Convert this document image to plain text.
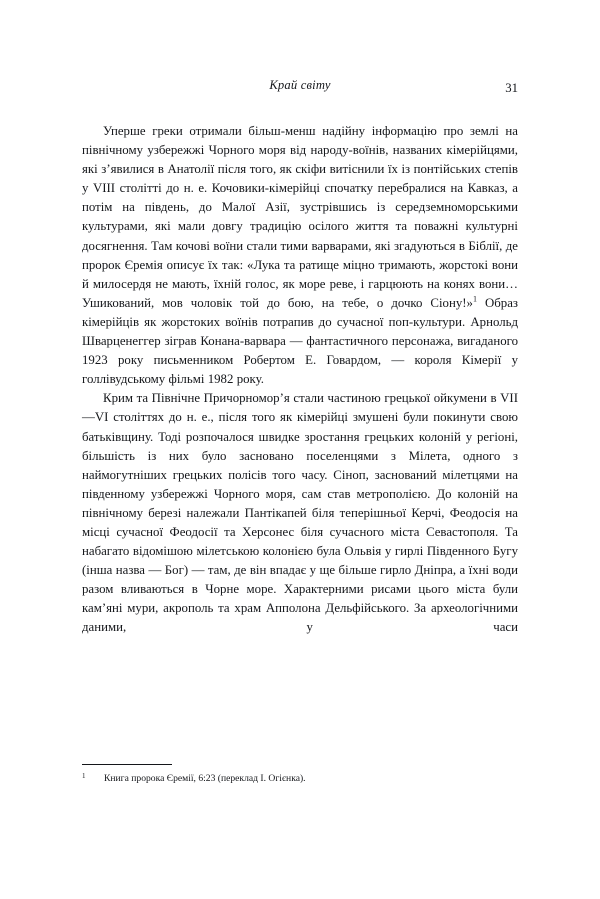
Край світу	31

Уперше греки отримали більш-менш надійну інформацію про землі на північному узбережжі Чорного моря від народу-воїнів, названих кімерійцями, які з’явилися в Анатолії після того, як скіфи витіснили їх із понтійських степів у VIII столітті до н. е. Кочовики-кімерійці спочатку перебралися на Кавказ, а потім на південь, до Малої Азії, зустрівшись із середземноморськими культурами, які мали довгу традицію осілого життя та поважні культурні досягнення. Там кочові воїни стали тими варварами, які згадуються в Біблії, де пророк Єремія описує їх так: «Лука та ратище міцно тримають, жорстокі вони й милосердя не мають, їхній голос, як море реве, і гарцюють на конях вони… Ушикований, мов чоловік той до бою, на тебе, о дочко Сіону!»$^1$ Образ кімерійців як жорстоких воїнів потрапив до сучасної поп-культури. Арнольд Шварценеггер зіграв Конана-варвара — фантастичного персонажа, вигаданого 1923 року письменником Робертом Е. Говардом, — короля Кімерії у голлівудському фільмі 1982 року.

Крим та Північне Причорномор’я стали частиною грецької ойкумени в VII—VI століттях до н. е., після того як кімерійці змушені були покинути свою батьківщину. Тоді розпочалося швидке зростання грецьких колоній у регіоні, більшість із них було засновано поселенцями з Мілета, одного з наймогутніших грецьких полісів того часу. Сіноп, заснований мілетцями на південному узбережжі Чорного моря, сам став метрополією. До колоній на північному березі належали Пантікапей біля теперішньої Керчі, Феодосія на місці сучасної Феодосії та Херсонес біля сучасного міста Севастополя. Та набагато відомішою мілетською колонією була Ольвія у гирлі Південного Бугу (інша назва — Бог) — там, де він впадає у ще більше гирло Дніпра, а їхні води разом вливаються в Чорне море. Характерними рисами цього міста були кам’яні мури, акрополь та храм Апполона Дельфійського. За археологічними даними, у часи

1 Книга пророка Єремії, 6:23 (переклад І. Огієнка).
